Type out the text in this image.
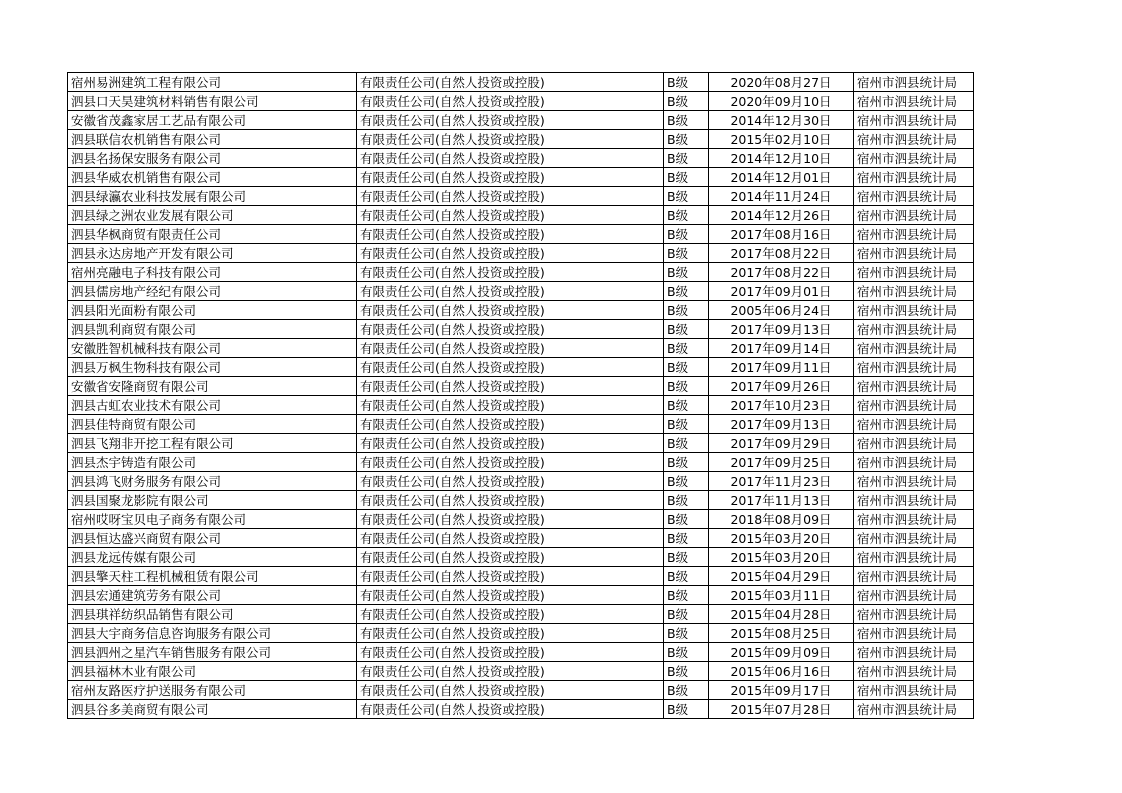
宿州易洲建筑工程有限公司	有限责任公司(自然人投资或控股)	B级	2020年08月27日	宿州市泗县统计局
泗县口天昊建筑材料销售有限公司	有限责任公司(自然人投资或控股)	B级	2020年09月10日	宿州市泗县统计局
安徽省茂鑫家居工艺品有限公司	有限责任公司(自然人投资或控股)	B级	2014年12月30日	宿州市泗县统计局
泗县联信农机销售有限公司	有限责任公司(自然人投资或控股)	B级	2015年02月10日	宿州市泗县统计局
泗县名扬保安服务有限公司	有限责任公司(自然人投资或控股)	B级	2014年12月10日	宿州市泗县统计局
泗县华威农机销售有限公司	有限责任公司(自然人投资或控股)	B级	2014年12月01日	宿州市泗县统计局
泗县绿瀛农业科技发展有限公司	有限责任公司(自然人投资或控股)	B级	2014年11月24日	宿州市泗县统计局
泗县绿之洲农业发展有限公司	有限责任公司(自然人投资或控股)	B级	2014年12月26日	宿州市泗县统计局
泗县华枫商贸有限责任公司	有限责任公司(自然人投资或控股)	B级	2017年08月16日	宿州市泗县统计局
泗县永达房地产开发有限公司	有限责任公司(自然人投资或控股)	B级	2017年08月22日	宿州市泗县统计局
宿州亮融电子科技有限公司	有限责任公司(自然人投资或控股)	B级	2017年08月22日	宿州市泗县统计局
泗县儒房地产经纪有限公司	有限责任公司(自然人投资或控股)	B级	2017年09月01日	宿州市泗县统计局
泗县阳光面粉有限公司	有限责任公司(自然人投资或控股)	B级	2005年06月24日	宿州市泗县统计局
泗县凯利商贸有限公司	有限责任公司(自然人投资或控股)	B级	2017年09月13日	宿州市泗县统计局
安徽胜智机械科技有限公司	有限责任公司(自然人投资或控股)	B级	2017年09月14日	宿州市泗县统计局
泗县万枫生物科技有限公司	有限责任公司(自然人投资或控股)	B级	2017年09月11日	宿州市泗县统计局
安徽省安隆商贸有限公司	有限责任公司(自然人投资或控股)	B级	2017年09月26日	宿州市泗县统计局
泗县古虹农业技术有限公司	有限责任公司(自然人投资或控股)	B级	2017年10月23日	宿州市泗县统计局
泗县佳特商贸有限公司	有限责任公司(自然人投资或控股)	B级	2017年09月13日	宿州市泗县统计局
泗县飞翔非开挖工程有限公司	有限责任公司(自然人投资或控股)	B级	2017年09月29日	宿州市泗县统计局
泗县杰宇铸造有限公司	有限责任公司(自然人投资或控股)	B级	2017年09月25日	宿州市泗县统计局
泗县鸿飞财务服务有限公司	有限责任公司(自然人投资或控股)	B级	2017年11月23日	宿州市泗县统计局
泗县国聚龙影院有限公司	有限责任公司(自然人投资或控股)	B级	2017年11月13日	宿州市泗县统计局
宿州哎呀宝贝电子商务有限公司	有限责任公司(自然人投资或控股)	B级	2018年08月09日	宿州市泗县统计局
泗县恒达盛兴商贸有限公司	有限责任公司(自然人投资或控股)	B级	2015年03月20日	宿州市泗县统计局
泗县龙远传媒有限公司	有限责任公司(自然人投资或控股)	B级	2015年03月20日	宿州市泗县统计局
泗县擎天柱工程机械租赁有限公司	有限责任公司(自然人投资或控股)	B级	2015年04月29日	宿州市泗县统计局
泗县宏通建筑劳务有限公司	有限责任公司(自然人投资或控股)	B级	2015年03月11日	宿州市泗县统计局
泗县琪祥纺织品销售有限公司	有限责任公司(自然人投资或控股)	B级	2015年04月28日	宿州市泗县统计局
泗县大宇商务信息咨询服务有限公司	有限责任公司(自然人投资或控股)	B级	2015年08月25日	宿州市泗县统计局
泗县泗州之星汽车销售服务有限公司	有限责任公司(自然人投资或控股)	B级	2015年09月09日	宿州市泗县统计局
泗县福林木业有限公司	有限责任公司(自然人投资或控股)	B级	2015年06月16日	宿州市泗县统计局
宿州友路医疗护送服务有限公司	有限责任公司(自然人投资或控股)	B级	2015年09月17日	宿州市泗县统计局
泗县谷多美商贸有限公司	有限责任公司(自然人投资或控股)	B级	2015年07月28日	宿州市泗县统计局
